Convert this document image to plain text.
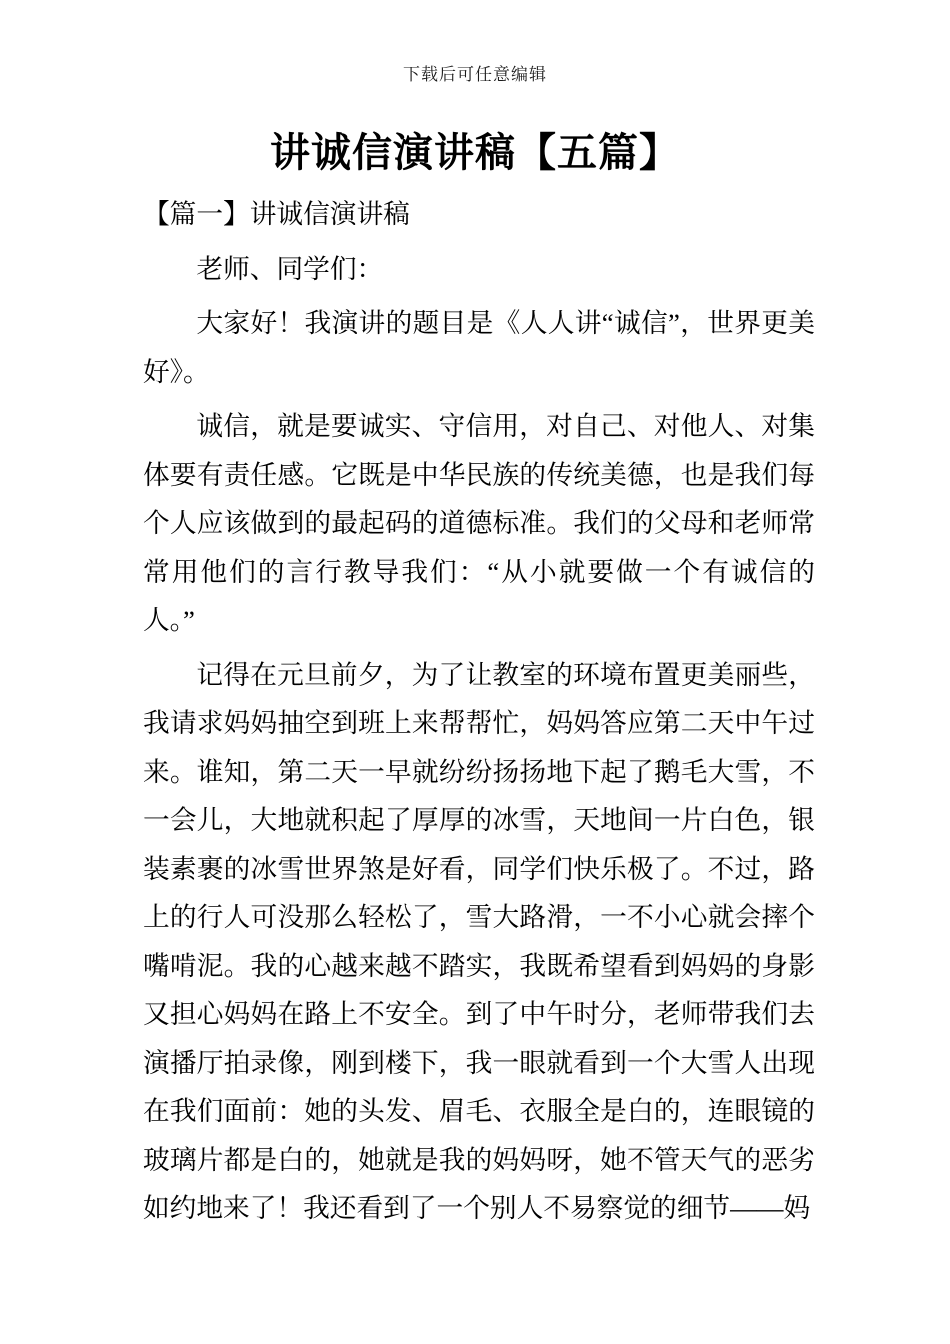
下载后可任意编辑
讲诚信演讲稿【五篇】

【篇一】讲诚信演讲稿

老师、同学们：

大家好！我演讲的题目是《人人讲“诚信”，世界更美好》。

诚信，就是要诚实、守信用，对自己、对他人、对集体要有责任感。它既是中华民族的传统美德，也是我们每个人应该做到的最起码的道德标准。我们的父母和老师常常用他们的言行教导我们：“从小就要做一个有诚信的人。”

记得在元旦前夕，为了让教室的环境布置更美丽些，我请求妈妈抽空到班上来帮帮忙，妈妈答应第二天中午过来。谁知，第二天一早就纷纷扬扬地下起了鹅毛大雪，不一会儿，大地就积起了厚厚的冰雪，天地间一片白色，银装素裹的冰雪世界煞是好看，同学们快乐极了。不过，路上的行人可没那么轻松了，雪大路滑，一不小心就会摔个嘴啃泥。我的心越来越不踏实，我既希望看到妈妈的身影又担心妈妈在路上不安全。到了中午时分，老师带我们去演播厅拍录像，刚到楼下，我一眼就看到一个大雪人出现在我们面前：她的头发、眉毛、衣服全是白的，连眼镜的玻璃片都是白的，她就是我的妈妈呀，她不管天气的恶劣如约地来了！我还看到了一个别人不易察觉的细节——妈
